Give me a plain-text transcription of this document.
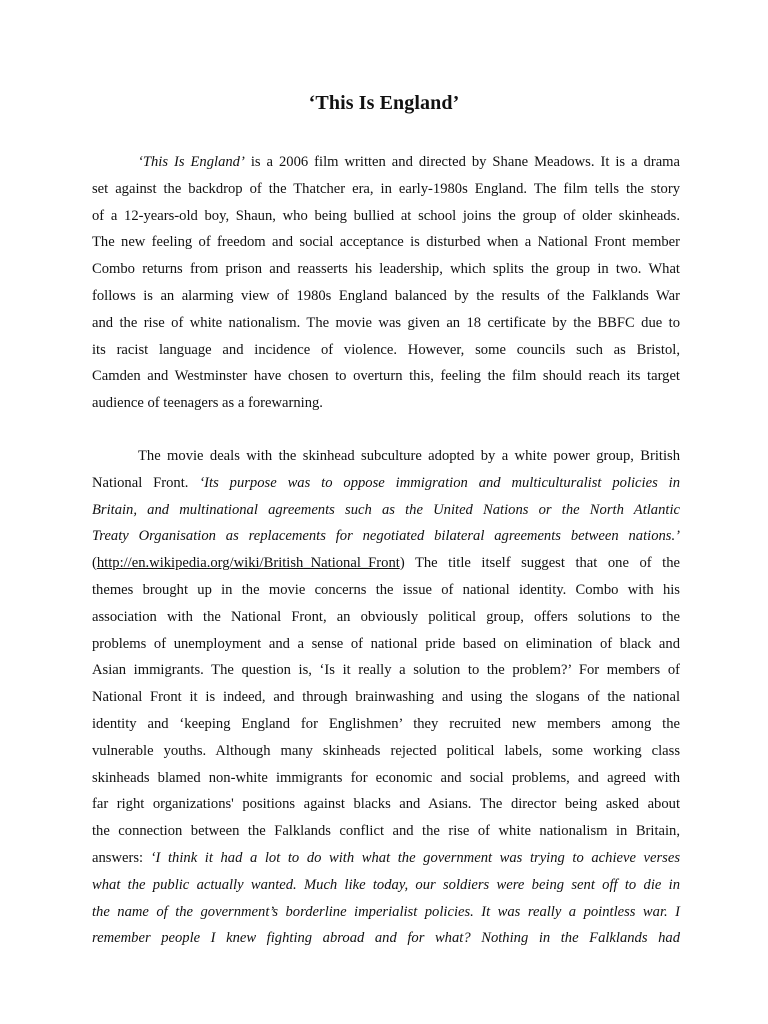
‘This Is England’
‘This Is England’ is a 2006 film written and directed by Shane Meadows. It is a drama
set against the backdrop of the Thatcher era, in early-1980s England. The film tells the story
of a 12-years-old boy, Shaun, who being bullied at school joins the group of older skinheads.
The new feeling of freedom and social acceptance is disturbed when a National Front member
Combo returns from prison and reasserts his leadership, which splits the group in two. What
follows is an alarming view of 1980s England balanced by the results of the Falklands War
and the rise of white nationalism. The movie was given an 18 certificate by the BBFC due to
its racist language and incidence of violence. However, some councils such as Bristol,
Camden and Westminster have chosen to overturn this, feeling the film should reach its target
audience of teenagers as a forewarning.
The movie deals with the skinhead subculture adopted by a white power group, British
National Front. ‘Its purpose was to oppose immigration and multiculturalist policies in
Britain, and multinational agreements such as the United Nations or the North Atlantic
Treaty Organisation as replacements for negotiated bilateral agreements between nations.’
(http://en.wikipedia.org/wiki/British_National_Front) The title itself suggest that one of the
themes brought up in the movie concerns the issue of national identity. Combo with his
association with the National Front, an obviously political group, offers solutions to the
problems of unemployment and a sense of national pride based on elimination of black and
Asian immigrants. The question is, ‘Is it really a solution to the problem?’ For members of
National Front it is indeed, and through brainwashing and using the slogans of the national
identity and ‘keeping England for Englishmen’ they recruited new members among the
vulnerable youths. Although many skinheads rejected political labels, some working class
skinheads blamed non-white immigrants for economic and social problems, and agreed with
far right organizations' positions against blacks and Asians. The director being asked about
the connection between the Falklands conflict and the rise of white nationalism in Britain,
answers: ‘I think it had a lot to do with what the government was trying to achieve verses
what the public actually wanted. Much like today, our soldiers were being sent off to die in
the name of the government’s borderline imperialist policies. It was really a pointless war. I
remember people I knew fighting abroad and for what? Nothing in the Falklands had
